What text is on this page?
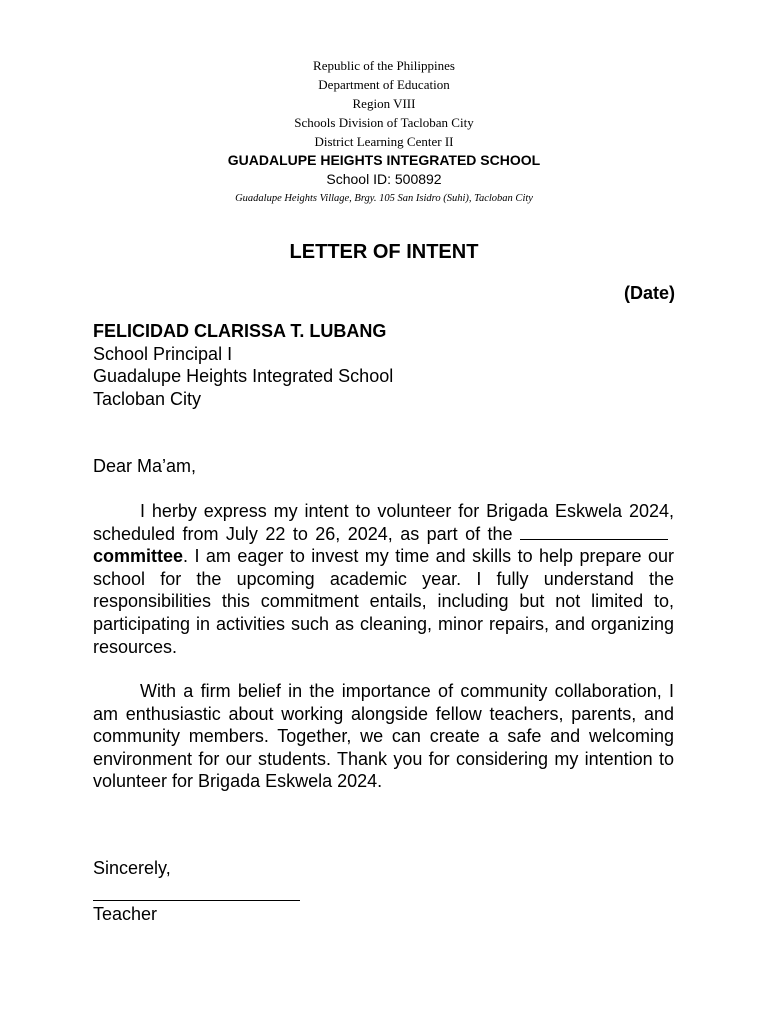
Republic of the Philippines
Department of Education
Region VIII
Schools Division of Tacloban City
District Learning Center II
GUADALUPE HEIGHTS INTEGRATED SCHOOL
School ID: 500892
Guadalupe Heights Village, Brgy. 105 San Isidro (Suhi), Tacloban City
LETTER OF INTENT
(Date)
FELICIDAD CLARISSA T. LUBANG
School Principal I
Guadalupe Heights Integrated School
Tacloban City
Dear Ma’am,

I herby express my intent to volunteer for Brigada Eskwela 2024, scheduled from July 22 to 26, 2024, as part of the committee. I am eager to invest my time and skills to help prepare our school for the upcoming academic year. I fully understand the responsibilities this commitment entails, including but not limited to, participating in activities such as cleaning, minor repairs, and organizing resources.

With a firm belief in the importance of community collaboration, I am enthusiastic about working alongside fellow teachers, parents, and community members. Together, we can create a safe and welcoming environment for our students. Thank you for considering my intention to volunteer for Brigada Eskwela 2024.

Sincerely,
Teacher
